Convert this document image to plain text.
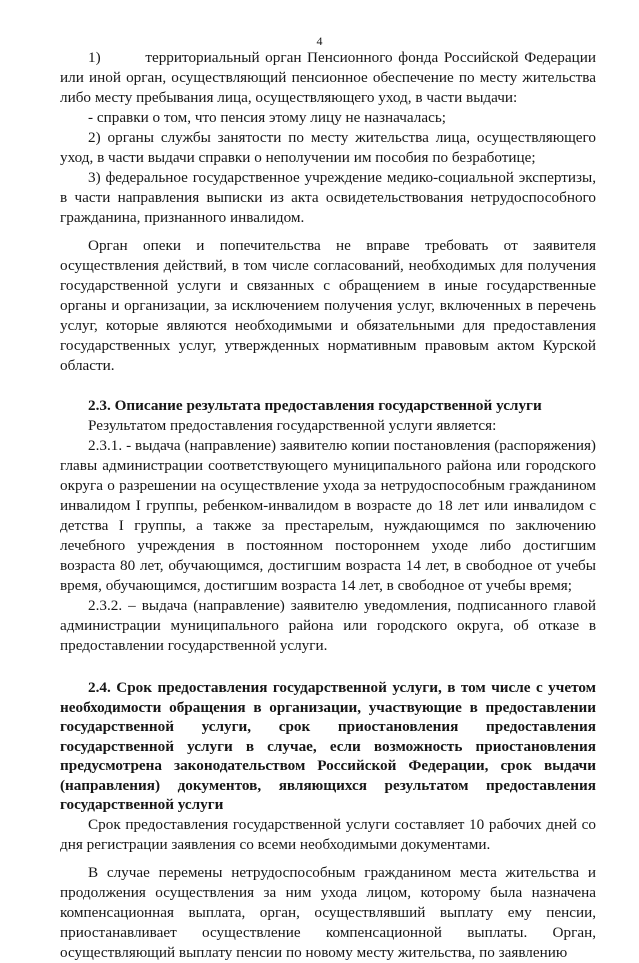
4

1)        территориальный орган Пенсионного фонда Российской Федерации или иной орган, осуществляющий пенсионное обеспечение по месту жительства либо месту пребывания лица, осуществляющего уход, в части выдачи:

- справки о том, что пенсия этому лицу не назначалась;

2) органы службы занятости по месту жительства лица, осуществляющего уход, в части выдачи справки о неполучении им пособия по безработице;

3) федеральное государственное учреждение медико-социальной экспертизы, в части направления выписки из акта освидетельствования нетрудоспособного гражданина, признанного инвалидом.

Орган опеки и попечительства не вправе требовать от заявителя осуществления действий, в том числе согласований, необходимых для получения государственной услуги и связанных с обращением в иные государственные органы и организации, за исключением получения услуг, включенных в перечень услуг, которые являются необходимыми и обязательными для предоставления государственных услуг, утвержденных нормативным правовым актом Курской области.

2.3. Описание результата предоставления государственной услуги

Результатом предоставления государственной услуги является:

2.3.1. - выдача (направление) заявителю копии постановления (распоряжения) главы администрации соответствующего муниципального района или городского округа о разрешении на осуществление ухода за нетрудоспособным гражданином инвалидом I группы, ребенком-инвалидом в возрасте до 18 лет или инвалидом с детства I группы, а также за престарелым, нуждающимся по заключению лечебного учреждения в постоянном постороннем уходе либо достигшим возраста 80 лет, обучающимся, достигшим возраста 14 лет, в свободное от учебы время, обучающимся, достигшим возраста 14 лет, в свободное от учебы время;

2.3.2. – выдача (направление) заявителю уведомления, подписанного главой администрации муниципального района или городского округа, об отказе в предоставлении государственной услуги.

2.4. Срок предоставления государственной услуги, в том числе с учетом необходимости обращения в организации, участвующие в предоставлении государственной услуги, срок приостановления предоставления государственной услуги в случае, если возможность приостановления предусмотрена законодательством Российской Федерации, срок выдачи (направления) документов, являющихся результатом предоставления государственной услуги

Срок предоставления государственной услуги составляет 10 рабочих дней со дня регистрации заявления со всеми необходимыми документами.

В случае перемены нетрудоспособным гражданином места жительства и продолжения осуществления за ним ухода лицом, которому была назначена компенсационная выплата, орган, осуществлявший выплату ему пенсии, приостанавливает осуществление компенсационной выплаты. Орган, осуществляющий выплату пенсии по новому месту жительства, по заявлению
